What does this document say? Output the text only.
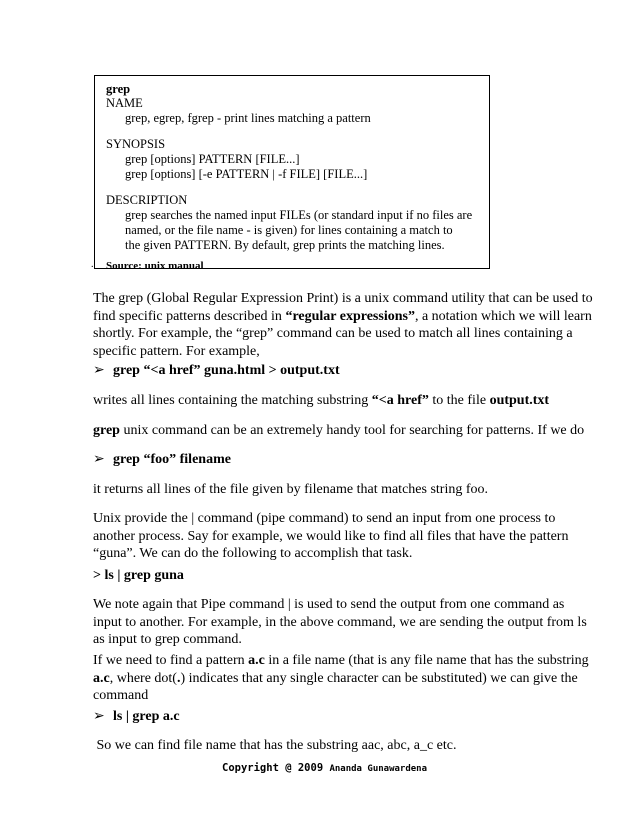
grep
NAME
grep, egrep, fgrep - print lines matching a pattern
SYNOPSIS
grep [options] PATTERN [FILE...]
grep [options] [-e PATTERN | -f FILE] [FILE...]
DESCRIPTION
grep searches the named input FILEs (or standard input if no files are
named, or the file name - is given) for lines containing a match to
the given PATTERN. By default, grep prints the matching lines.
Source: unix manual
.
The grep (Global Regular Expression Print) is a unix command utility that can be used to
find specific patterns described in “regular expressions”, a notation which we will learn
shortly. For example, the “grep” command can be used to match all lines containing a
specific pattern. For example,
➢ grep “<a href” guna.html > output.txt
writes all lines containing the matching substring “<a href” to the file output.txt
grep unix command can be an extremely handy tool for searching for patterns. If we do
➢ grep “foo” filename
it returns all lines of the file given by filename that matches string foo.
Unix provide the | command (pipe command) to send an input from one process to
another process. Say for example, we would like to find all files that have the pattern
“guna”. We can do the following to accomplish that task.
> ls | grep guna
We note again that Pipe command | is used to send the output from one command as
input to another. For example, in the above command, we are sending the output from ls
as input to grep command.
If we need to find a pattern a.c in a file name (that is any file name that has the substring
a.c, where dot(.) indicates that any single character can be substituted) we can give the
command
➢ ls | grep a.c
So we can find file name that has the substring aac, abc, a_c etc.
Copyright @ 2009 Ananda Gunawardena
